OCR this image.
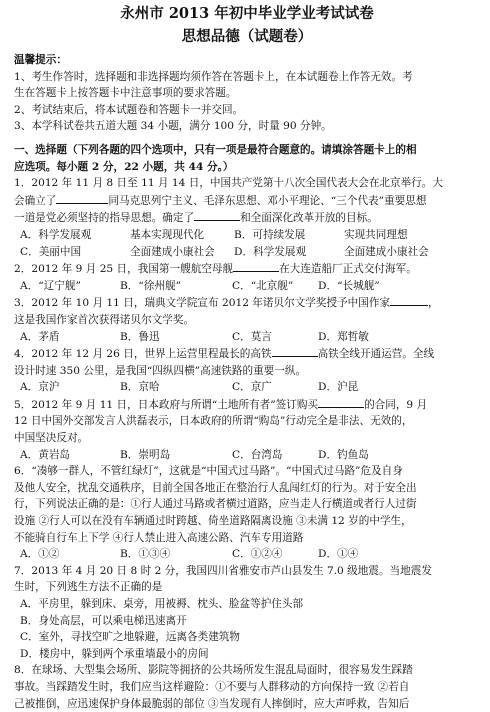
永州市 2013 年初中毕业学业考试试卷
思想品德（试题卷）
温馨提示：
1、考生作答时，选择题和非选择题均须作答在答题卡上，在本试题卷上作答无效。考
生在答题卡上按答题卡中注意事项的要求答题。
2、考试结束后，将本试题卷和答题卡一并交回。
3、本学科试卷共五道大题 34 小题，满分 100 分，时量 90 分钟。
一、选择题（下列各题的四个选项中，只有一项是最符合题意的。请填涂答题卡上的相
应选项。每小题 2 分，22 小题，共 44 分。）
1．2012 年 11 月 8 日至 11 月 14 日，中国共产党第十八次全国代表大会在北京举行。大
会确立了	同马克思列宁主义、毛泽东思想、邓小平理论、“三个代表”重要思想
一道是党必须坚持的指导思想。确定了	和全面深化改革开放的目标。
A．科学发展观	基本实现现代化	B．可持续发展	实现共同理想
C．美丽中国	全面建成小康社会	D．科学发展观	全面建成小康社会
2．2012 年 9 月 25 日，我国第一艘航空母舰	在大连造船厂正式交付海军。
A．“辽宁舰”	B．“徐州舰”	C．“北京舰”	D．“长城舰”
3．2012 年 10 月 11 日，瑞典文学院宣布 2012 年诺贝尔文学奖授予中国作家	，
这是我国作家首次获得诺贝尔文学奖。
A．茅盾	B．鲁迅	C．莫言	D．郑哲敏
4．2012 年 12 月 26 日，世界上运营里程最长的高铁	高铁全线开通运营。全线
设计时速 350 公里，是我国“四纵四横”高速铁路的重要一纵。
A．京沪	B．京哈	C．京广	D．沪昆
5．2012 年 9 月 11 日，日本政府与所谓“土地所有者”签订购买	的合同，9 月
12 日中国外交部发言人洪磊表示，日本政府的所谓“购岛”行动完全是非法、无效的，
中国坚决反对。
A．黄岩岛	B．崇明岛	C．台湾岛	D．钓鱼岛
6．“凑够一群人，不管红绿灯”，这就是“中国式过马路”。“中国式过马路”危及自身
及他人安全，扰乱交通秩序，目前全国各地正在整治行人乱闯红灯的行为。对于安全出
行，下列说法正确的是：①行人通过马路或者横过道路，应当走人行横道或者行人过街
设施 ②行人可以在没有车辆通过时跨越、倚坐道路隔离设施 ③未满 12 岁的中学生，
不能骑自行车上下学 ④行人禁止进入高速公路、汽车专用道路
A．①②	B．①③④	C．①②④	D．①④
7．2013 年 4 月 20 日 8 时 2 分，我国四川省雅安市芦山县发生 7.0 级地震。当地震发
生时，下列逃生方法不正确的是
A．平房里，躲到床、桌旁，用被褥、枕头、脸盆等护住头部
B．身处高层，可以乘电梯迅速离开
C．室外，寻找空旷之地躲避，远离各类建筑物
D．楼房中，躲到两个承重墙最小的房间
8．在球场、大型集会场所、影院等拥挤的公共场所发生混乱局面时，很容易发生踩踏
事故。当踩踏发生时，我们应当这样避险：①不要与人群移动的方向保持一致 ②若自
己被推倒，应迅速保护身体最脆弱的部位 ③当发现有人摔倒时，应大声呼救，告知后
